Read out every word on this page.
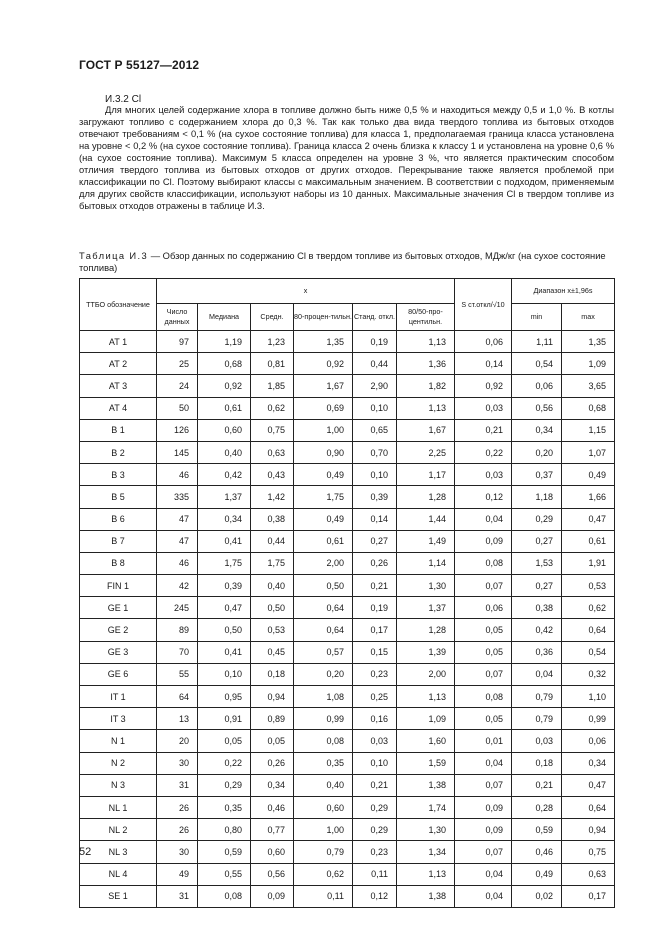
ГОСТ Р 55127—2012
И.3.2 Cl

Для многих целей содержание хлора в топливе должно быть ниже 0,5 % и находиться между 0,5 и 1,0 %. В котлы загружают топливо с содержанием хлора до 0,3 %. Так как только два вида твердого топлива из бытовых отходов отвечают требованиям < 0,1 % (на сухое состояние топлива) для класса 1, предполагаемая граница класса установлена на уровне < 0,2 % (на сухое состояние топлива). Граница класса 2 очень близка к классу 1 и установлена на уровне 0,6 % (на сухое состояние топлива). Максимум 5 класса определен на уровне 3 %, что является практическим способом отличия твердого топлива из бытовых отходов от других отходов. Перекрывание также является проблемой при классификации по Cl. Поэтому выбирают классы с максимальным значением. В соответствии с подходом, применяемым для других свойств классификации, используют наборы из 10 данных. Максимальные значения Cl в твердом топливе из бытовых отходов отражены в таблице И.3.

Таблица И.3 — Обзор данных по содержанию Cl в твердом топливе из бытовых отходов, МДж/кг (на сухое состояние топлива)
ТТБО обозначение	x						S ст.откл/√10	Диапазон x±1,96s	
	Число данных	Медиана	Средн.	80-процен-тильн.	Станд. откл.	80/50-про-центильн.		min	max
AT 1	97	1,19	1,23	1,35	0,19	1,13	0,06	1,11	1,35
AT 2	25	0,68	0,81	0,92	0,44	1,36	0,14	0,54	1,09
AT 3	24	0,92	1,85	1,67	2,90	1,82	0,92	0,06	3,65
AT 4	50	0,61	0,62	0,69	0,10	1,13	0,03	0,56	0,68
B 1	126	0,60	0,75	1,00	0,65	1,67	0,21	0,34	1,15
B 2	145	0,40	0,63	0,90	0,70	2,25	0,22	0,20	1,07
B 3	46	0,42	0,43	0,49	0,10	1,17	0,03	0,37	0,49
B 5	335	1,37	1,42	1,75	0,39	1,28	0,12	1,18	1,66
B 6	47	0,34	0,38	0,49	0,14	1,44	0,04	0,29	0,47
B 7	47	0,41	0,44	0,61	0,27	1,49	0,09	0,27	0,61
B 8	46	1,75	1,75	2,00	0,26	1,14	0,08	1,53	1,91
FIN 1	42	0,39	0,40	0,50	0,21	1,30	0,07	0,27	0,53
GE 1	245	0,47	0,50	0,64	0,19	1,37	0,06	0,38	0,62
GE 2	89	0,50	0,53	0,64	0,17	1,28	0,05	0,42	0,64
GE 3	70	0,41	0,45	0,57	0,15	1,39	0,05	0,36	0,54
GE 6	55	0,10	0,18	0,20	0,23	2,00	0,07	0,04	0,32
IT 1	64	0,95	0,94	1,08	0,25	1,13	0,08	0,79	1,10
IT 3	13	0,91	0,89	0,99	0,16	1,09	0,05	0,79	0,99
N 1	20	0,05	0,05	0,08	0,03	1,60	0,01	0,03	0,06
N 2	30	0,22	0,26	0,35	0,10	1,59	0,04	0,18	0,34
N 3	31	0,29	0,34	0,40	0,21	1,38	0,07	0,21	0,47
NL 1	26	0,35	0,46	0,60	0,29	1,74	0,09	0,28	0,64
NL 2	26	0,80	0,77	1,00	0,29	1,30	0,09	0,59	0,94
NL 3	30	0,59	0,60	0,79	0,23	1,34	0,07	0,46	0,75
NL 4	49	0,55	0,56	0,62	0,11	1,13	0,04	0,49	0,63
SE 1	31	0,08	0,09	0,11	0,12	1,38	0,04	0,02	0,17
52
